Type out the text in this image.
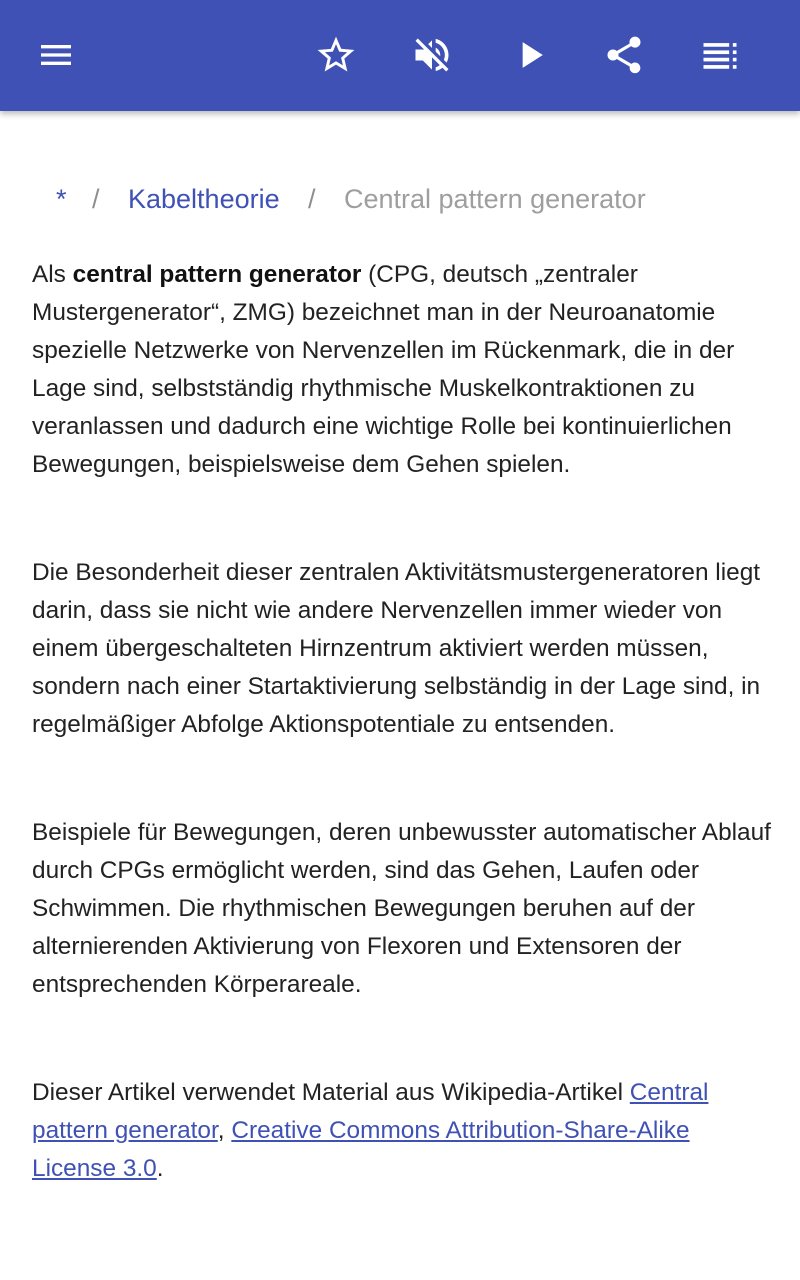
* / Kabeltheorie / Central pattern generator

Als central pattern generator (CPG, deutsch „zentraler Mustergenerator“, ZMG) bezeichnet man in der Neuroanatomie spezielle Netzwerke von Nervenzellen im Rückenmark, die in der Lage sind, selbstständig rhythmische Muskelkontraktionen zu veranlassen und dadurch eine wichtige Rolle bei kontinuierlichen Bewegungen, beispielsweise dem Gehen spielen.

Die Besonderheit dieser zentralen Aktivitätsmustergeneratoren liegt darin, dass sie nicht wie andere Nervenzellen immer wieder von einem übergeschalteten Hirnzentrum aktiviert werden müssen, sondern nach einer Startaktivierung selbständig in der Lage sind, in regelmäßiger Abfolge Aktionspotentiale zu entsenden.

Beispiele für Bewegungen, deren unbewusster automatischer Ablauf durch CPGs ermöglicht werden, sind das Gehen, Laufen oder Schwimmen. Die rhythmischen Bewegungen beruhen auf der alternierenden Aktivierung von Flexoren und Extensoren der entsprechenden Körperareale.

Dieser Artikel verwendet Material aus Wikipedia-Artikel Central pattern generator, Creative Commons Attribution-Share-Alike License 3.0.
